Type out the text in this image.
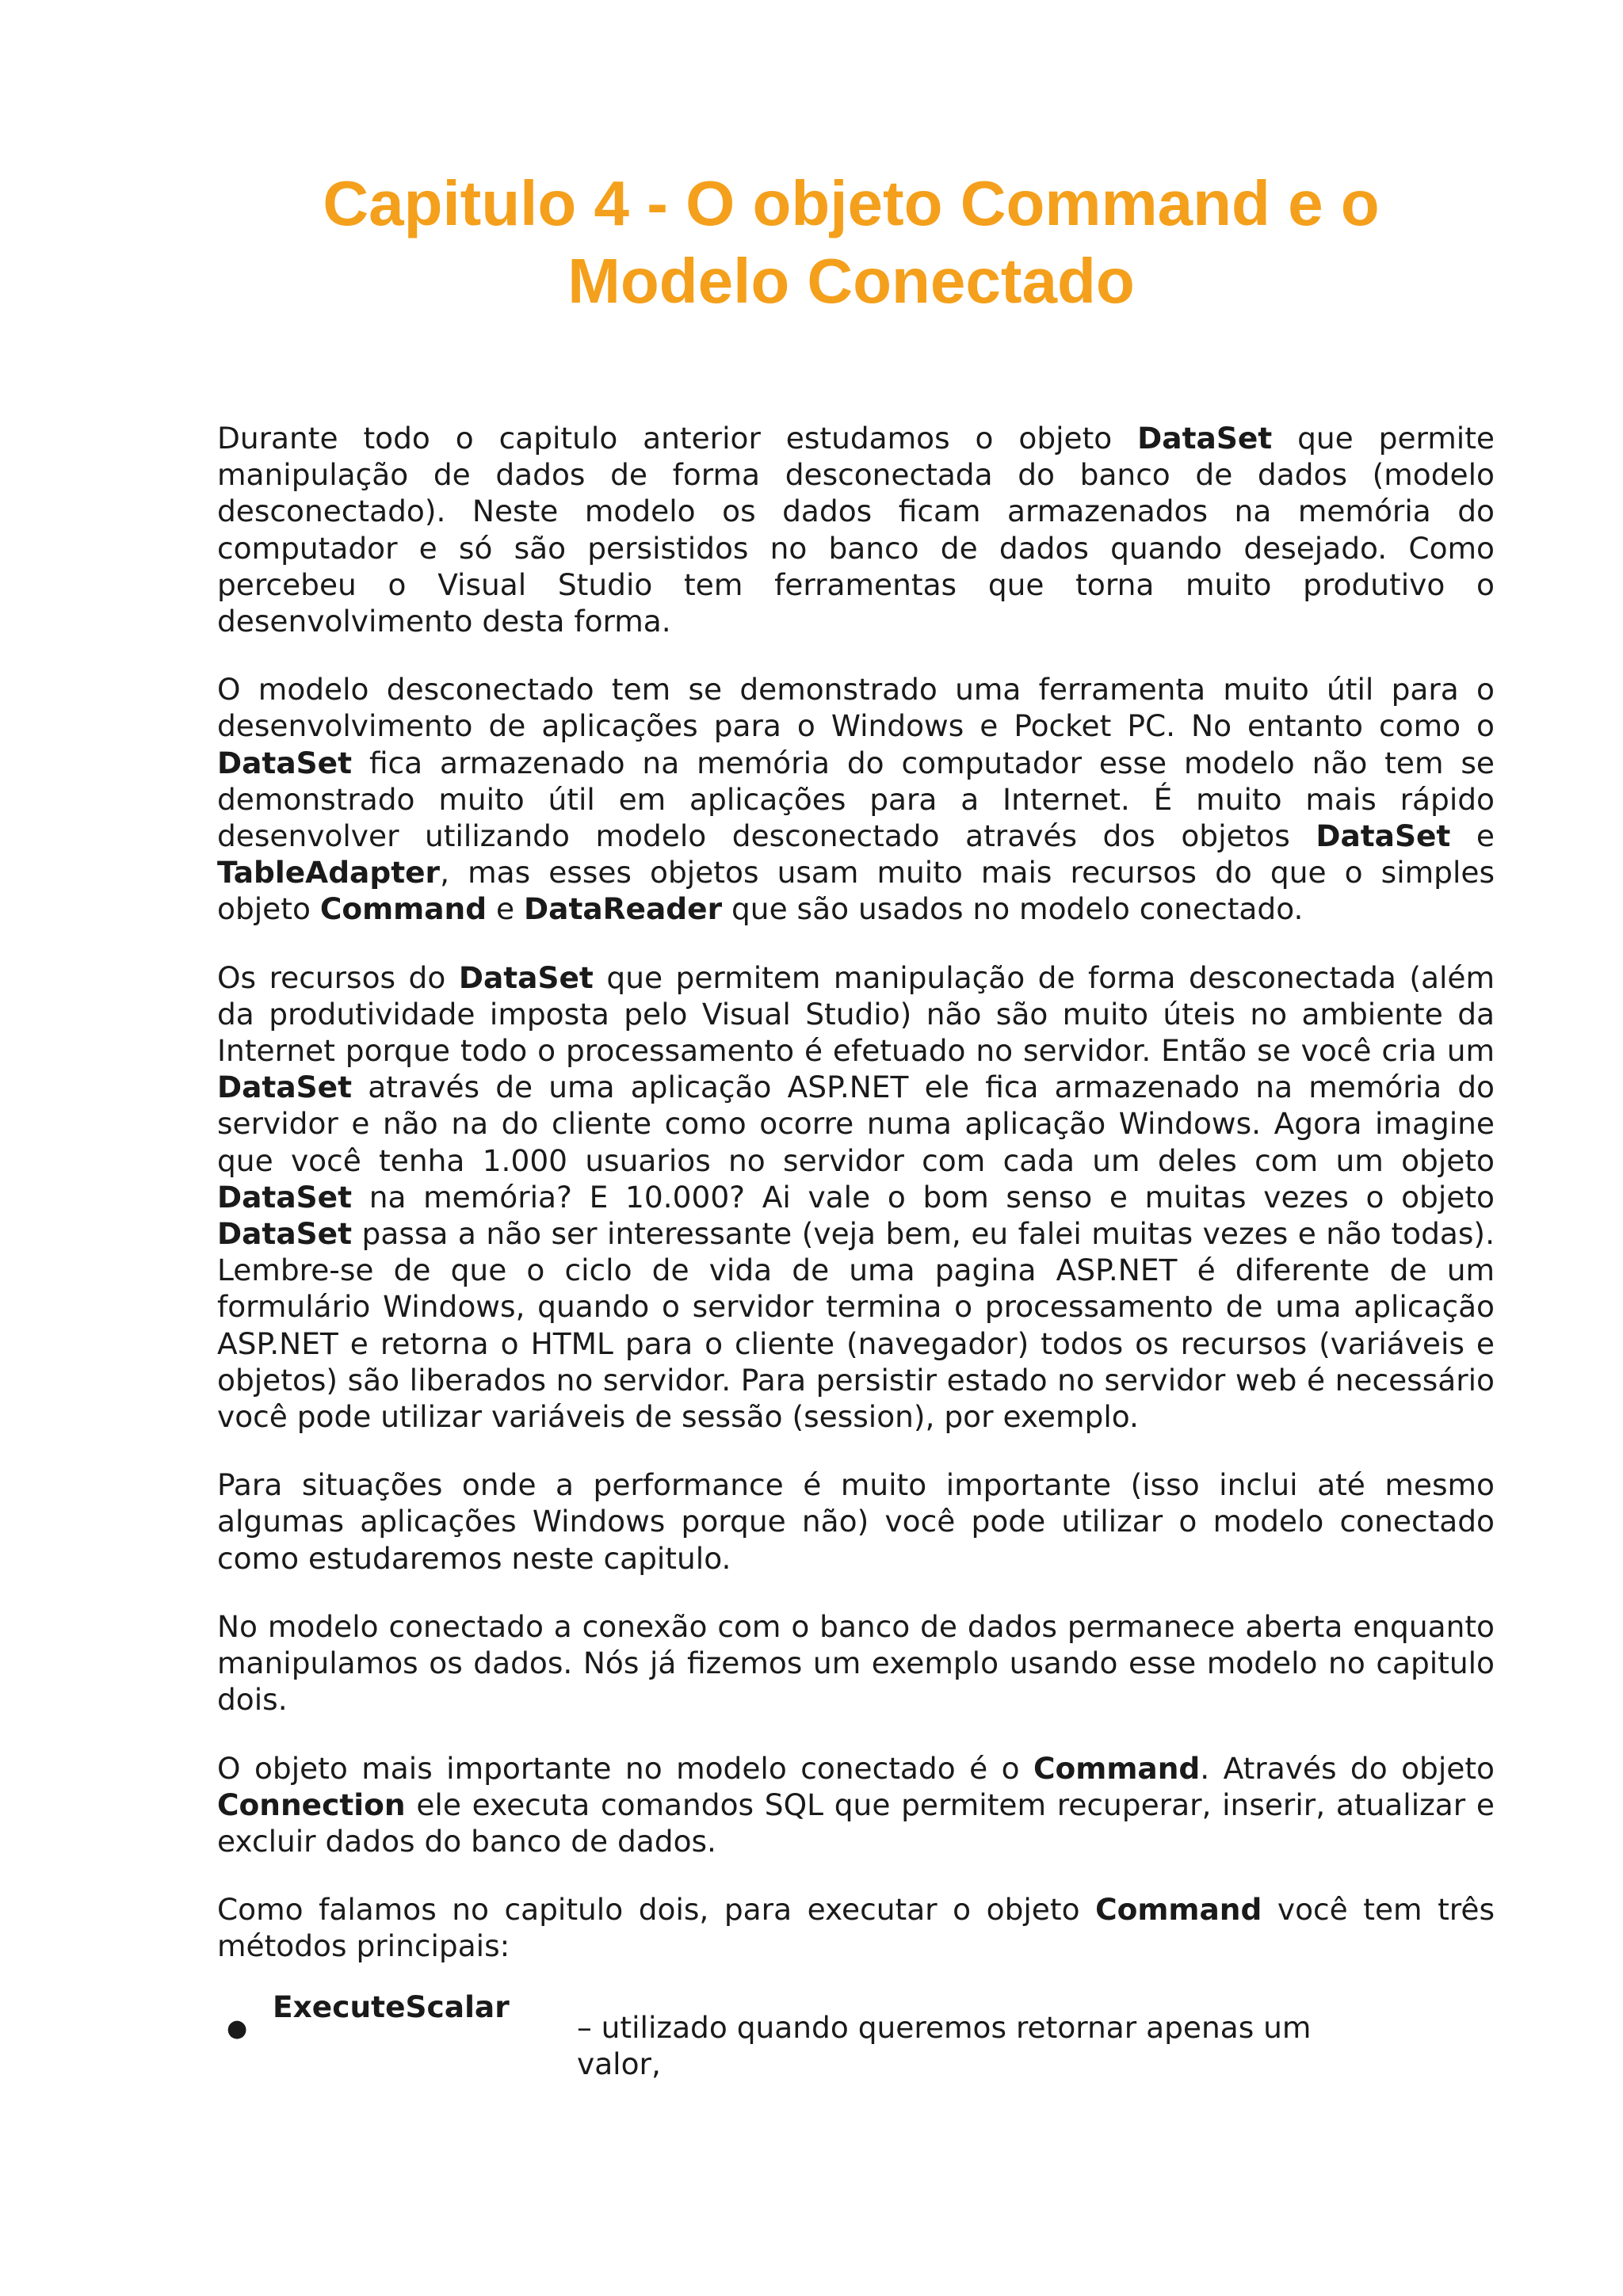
Capitulo 4 - O objeto Command e o
Modelo Conectado

Durante todo o capitulo anterior estudamos o objeto DataSet que permite manipulação de dados de forma desconectada do banco de dados (modelo desconectado). Neste modelo os dados ficam armazenados na memória do computador e só são persistidos no banco de dados quando desejado. Como percebeu o Visual Studio tem ferramentas que torna muito produtivo o desenvolvimento desta forma.

O modelo desconectado tem se demonstrado uma ferramenta muito útil para o desenvolvimento de aplicações para o Windows e Pocket PC. No entanto como o DataSet fica armazenado na memória do computador esse modelo não tem se demonstrado muito útil em aplicações para a Internet. É muito mais rápido desenvolver utilizando modelo desconectado através dos objetos DataSet e TableAdapter, mas esses objetos usam muito mais recursos do que o simples objeto Command e DataReader que são usados no modelo conectado.

Os recursos do DataSet que permitem manipulação de forma desconectada (além da produtividade imposta pelo Visual Studio) não são muito úteis no ambiente da Internet porque todo o processamento é efetuado no servidor. Então se você cria um DataSet através de uma aplicação ASP.NET ele fica armazenado na memória do servidor e não na do cliente como ocorre numa aplicação Windows. Agora imagine que você tenha 1.000 usuarios no servidor com cada um deles com um objeto DataSet na memória? E 10.000? Ai vale o bom senso e muitas vezes o objeto DataSet passa a não ser interessante (veja bem, eu falei muitas vezes e não todas). Lembre-se de que o ciclo de vida de uma pagina ASP.NET é diferente de um formulário Windows, quando o servidor termina o processamento de uma aplicação ASP.NET e retorna o HTML para o cliente (navegador) todos os recursos (variáveis e objetos) são liberados no servidor. Para persistir estado no servidor web é necessário você pode utilizar variáveis de sessão (session), por exemplo.

Para situações onde a performance é muito importante (isso inclui até mesmo algumas aplicações Windows porque não) você pode utilizar o modelo conectado como estudaremos neste capitulo.

No modelo conectado a conexão com o banco de dados permanece aberta enquanto manipulamos os dados. Nós já fizemos um exemplo usando esse modelo no capitulo dois.

O objeto mais importante no modelo conectado é o Command. Através do objeto Connection ele executa comandos SQL que permitem recuperar, inserir, atualizar e excluir dados do banco de dados.

Como falamos no capitulo dois, para executar o objeto Command você tem três métodos principais:

●
ExecuteScalar
– utilizado quando queremos retornar apenas um valor,
